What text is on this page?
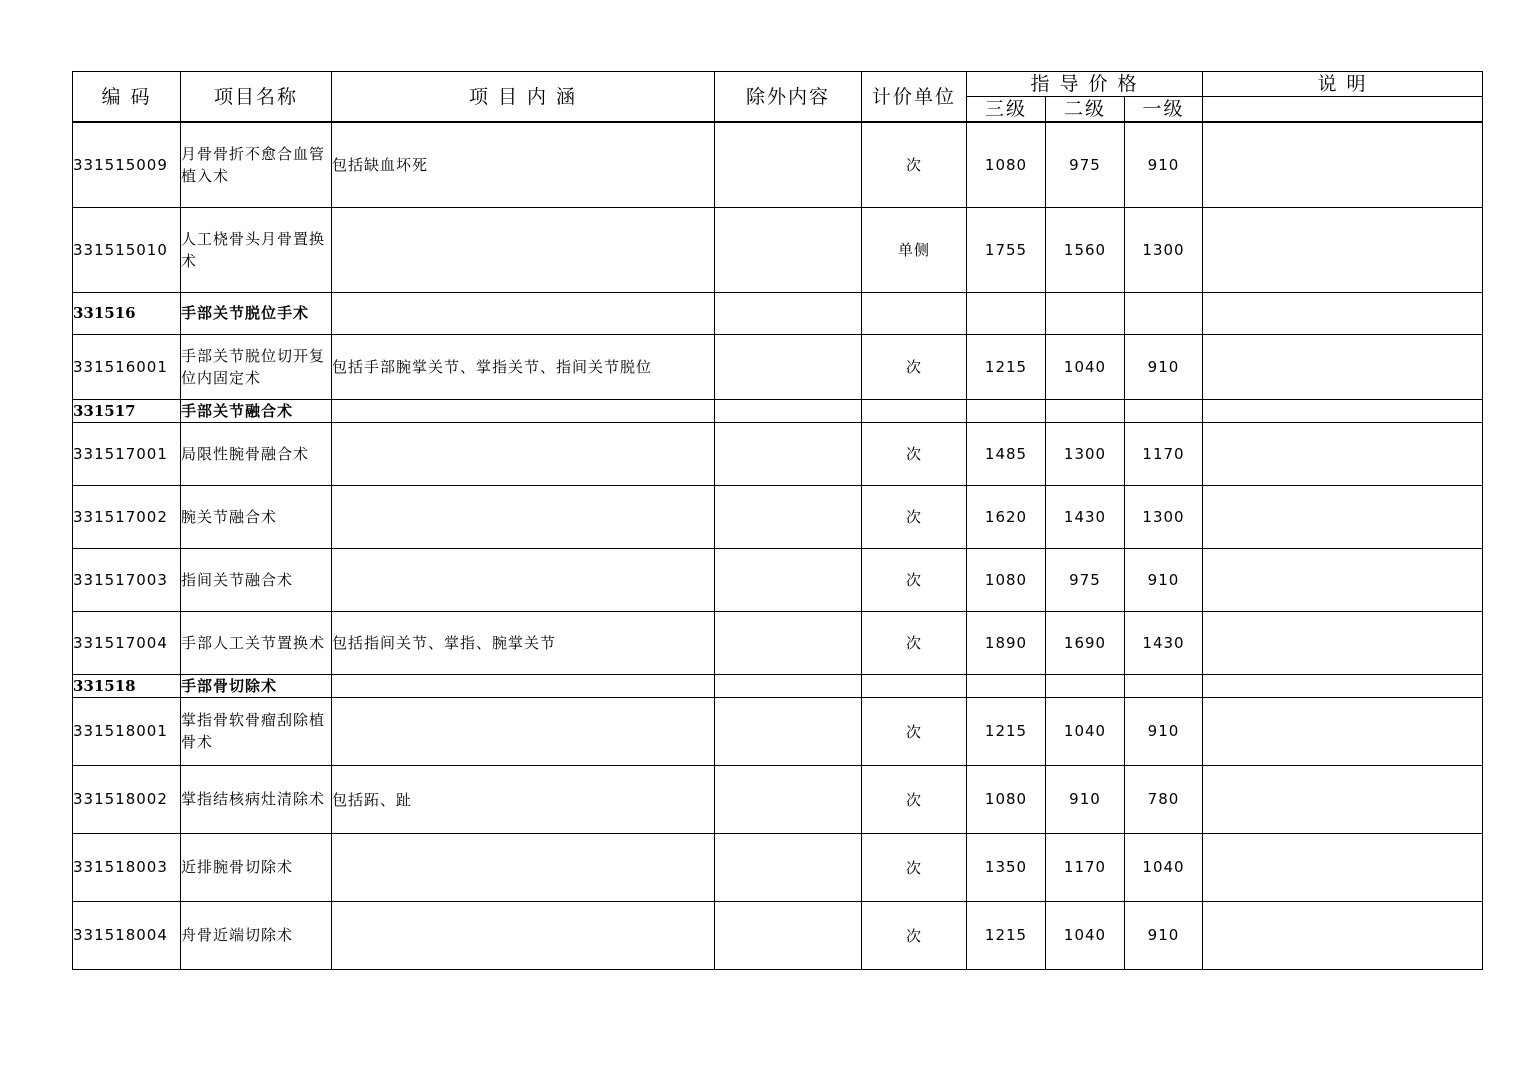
编 码	项目名称	项 目 内 涵	除外内容	计价单位	指 导 价 格			说 明
					三级	二级	一级	
331515009	月骨骨折不愈合血管植入术	包括缺血坏死		次	1080	975	910	
331515010	人工桡骨头月骨置换术			单侧	1755	1560	1300	
331516	手部关节脱位手术							
331516001	手部关节脱位切开复位内固定术	包括手部腕掌关节、掌指关节、指间关节脱位		次	1215	1040	910	
331517	手部关节融合术							
331517001	局限性腕骨融合术			次	1485	1300	1170	
331517002	腕关节融合术			次	1620	1430	1300	
331517003	指间关节融合术			次	1080	975	910	
331517004	手部人工关节置换术	包括指间关节、掌指、腕掌关节		次	1890	1690	1430	
331518	手部骨切除术							
331518001	掌指骨软骨瘤刮除植骨术			次	1215	1040	910	
331518002	掌指结核病灶清除术	包括跖、趾		次	1080	910	780	
331518003	近排腕骨切除术			次	1350	1170	1040	
331518004	舟骨近端切除术			次	1215	1040	910	
